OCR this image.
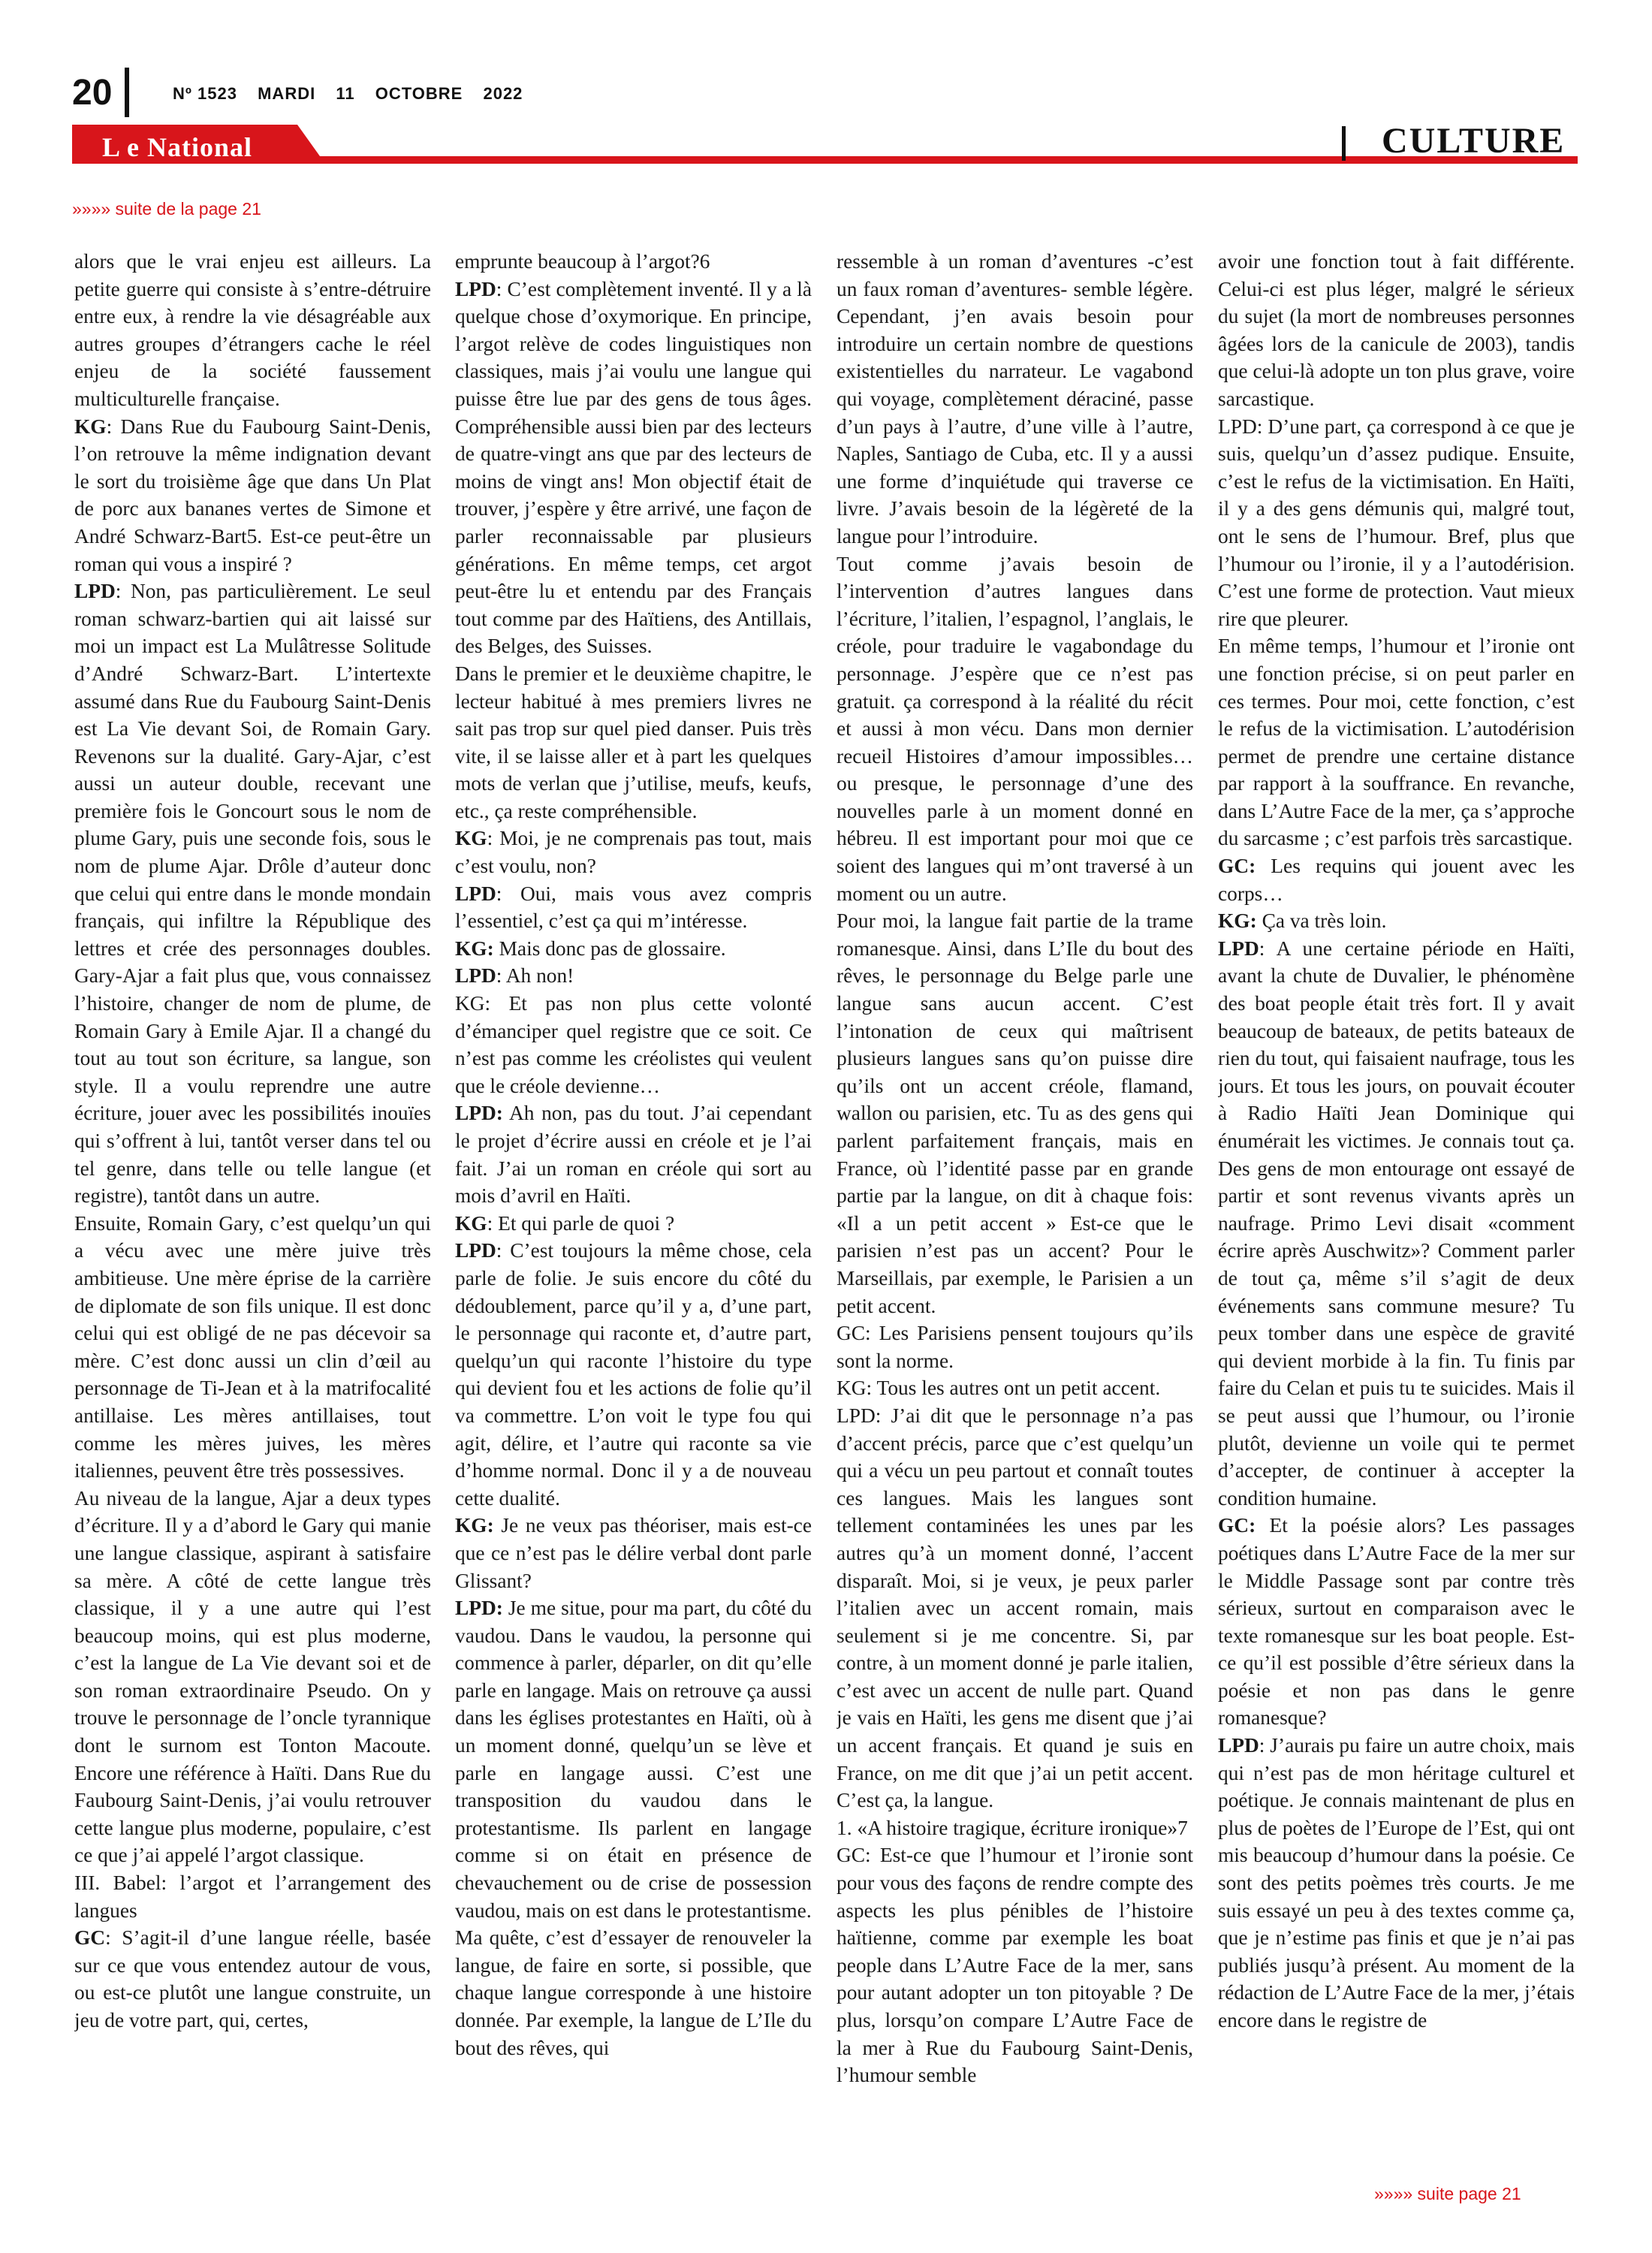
20	Nº 1523 MARDI 11 OCTOBRE 2022
L e National	CULTURE
»»»» suite de la page 21

alors que le vrai enjeu est ailleurs. La petite guerre qui consiste à s’entre-détruire entre eux, à rendre la vie désagréable aux autres groupes d’étrangers cache le réel enjeu de la société faussement multiculturelle française.

KG: Dans Rue du Faubourg Saint-Denis, l’on retrouve la même indignation devant le sort du troisième âge que dans Un Plat de porc aux bananes vertes de Simone et André Schwarz-Bart5. Est-ce peut-être un roman qui vous a inspiré ?

LPD: Non, pas particulièrement. Le seul roman schwarz-bartien qui ait laissé sur moi un impact est La Mulâtresse Solitude d’André Schwarz-Bart. L’intertexte assumé dans Rue du Faubourg Saint-Denis est La Vie devant Soi, de Romain Gary. Revenons sur la dualité. Gary-Ajar, c’est aussi un auteur double, recevant une première fois le Goncourt sous le nom de plume Gary, puis une seconde fois, sous le nom de plume Ajar. Drôle d’auteur donc que celui qui entre dans le monde mondain français, qui infiltre la République des lettres et crée des personnages doubles. Gary-Ajar a fait plus que, vous connaissez l’histoire, changer de nom de plume, de Romain Gary à Emile Ajar. Il a changé du tout au tout son écriture, sa langue, son style. Il a voulu reprendre une autre écriture, jouer avec les possibilités inouïes qui s’offrent à lui, tantôt verser dans tel ou tel genre, dans telle ou telle langue (et registre), tantôt dans un autre.

Ensuite, Romain Gary, c’est quelqu’un qui a vécu avec une mère juive très ambitieuse. Une mère éprise de la carrière de diplomate de son fils unique. Il est donc celui qui est obligé de ne pas décevoir sa mère. C’est donc aussi un clin d’œil au personnage de Ti-Jean et à la matrifocalité antillaise. Les mères antillaises, tout comme les mères juives, les mères italiennes, peuvent être très possessives.

Au niveau de la langue, Ajar a deux types d’écriture. Il y a d’abord le Gary qui manie une langue classique, aspirant à satisfaire sa mère. A côté de cette langue très classique, il y a une autre qui l’est beaucoup moins, qui est plus moderne, c’est la langue de La Vie devant soi et de son roman extraordinaire Pseudo. On y trouve le personnage de l’oncle tyrannique dont le surnom est Tonton Macoute. Encore une référence à Haïti. Dans Rue du Faubourg Saint-Denis, j’ai voulu retrouver cette langue plus moderne, populaire, c’est ce que j’ai appelé l’argot classique.

III. Babel: l’argot et l’arrangement des langues

GC: S’agit-il d’une langue réelle, basée sur ce que vous entendez autour de vous, ou est-ce plutôt une langue construite, un jeu de votre part, qui, certes,

emprunte beaucoup à l’argot?6

LPD: C’est complètement inventé. Il y a là quelque chose d’oxymorique. En principe, l’argot relève de codes linguistiques non classiques, mais j’ai voulu une langue qui puisse être lue par des gens de tous âges. Compréhensible aussi bien par des lecteurs de quatre-vingt ans que par des lecteurs de moins de vingt ans! Mon objectif était de trouver, j’espère y être arrivé, une façon de parler reconnaissable par plusieurs générations. En même temps, cet argot peut-être lu et entendu par des Français tout comme par des Haïtiens, des Antillais, des Belges, des Suisses.

Dans le premier et le deuxième chapitre, le lecteur habitué à mes premiers livres ne sait pas trop sur quel pied danser. Puis très vite, il se laisse aller et à part les quelques mots de verlan que j’utilise, meufs, keufs, etc., ça reste compréhensible.

KG: Moi, je ne comprenais pas tout, mais c’est voulu, non?

LPD: Oui, mais vous avez compris l’essentiel, c’est ça qui m’intéresse.

KG: Mais donc pas de glossaire.

LPD: Ah non!

KG: Et pas non plus cette volonté d’émanciper quel registre que ce soit. Ce n’est pas comme les créolistes qui veulent que le créole devienne…

LPD: Ah non, pas du tout. J’ai cependant le projet d’écrire aussi en créole et je l’ai fait. J’ai un roman en créole qui sort au mois d’avril en Haïti.

KG: Et qui parle de quoi ?

LPD: C’est toujours la même chose, cela parle de folie. Je suis encore du côté du dédoublement, parce qu’il y a, d’une part, le personnage qui raconte et, d’autre part, quelqu’un qui raconte l’histoire du type qui devient fou et les actions de folie qu’il va commettre. L’on voit le type fou qui agit, délire, et l’autre qui raconte sa vie d’homme normal. Donc il y a de nouveau cette dualité.

KG: Je ne veux pas théoriser, mais est-ce que ce n’est pas le délire verbal dont parle Glissant?

LPD: Je me situe, pour ma part, du côté du vaudou. Dans le vaudou, la personne qui commence à parler, déparler, on dit qu’elle parle en langage. Mais on retrouve ça aussi dans les églises protestantes en Haïti, où à un moment donné, quelqu’un se lève et parle en langage aussi. C’est une transposition du vaudou dans le protestantisme. Ils parlent en langage comme si on était en présence de chevauchement ou de crise de possession vaudou, mais on est dans le protestantisme.

Ma quête, c’est d’essayer de renouveler la langue, de faire en sorte, si possible, que chaque langue corresponde à une histoire donnée. Par exemple, la langue de L’Ile du bout des rêves, qui

ressemble à un roman d’aventures -c’est un faux roman d’aventures- semble légère. Cependant, j’en avais besoin pour introduire un certain nombre de questions existentielles du narrateur. Le vagabond qui voyage, complètement déraciné, passe d’un pays à l’autre, d’une ville à l’autre, Naples, Santiago de Cuba, etc. Il y a aussi une forme d’inquiétude qui traverse ce livre. J’avais besoin de la légèreté de la langue pour l’introduire.

Tout comme j’avais besoin de l’intervention d’autres langues dans l’écriture, l’italien, l’espagnol, l’anglais, le créole, pour traduire le vagabondage du personnage. J’espère que ce n’est pas gratuit. ça correspond à la réalité du récit et aussi à mon vécu. Dans mon dernier recueil Histoires d’amour impossibles… ou presque, le personnage d’une des nouvelles parle à un moment donné en hébreu. Il est important pour moi que ce soient des langues qui m’ont traversé à un moment ou un autre.

Pour moi, la langue fait partie de la trame romanesque. Ainsi, dans L’Ile du bout des rêves, le personnage du Belge parle une langue sans aucun accent. C’est l’intonation de ceux qui maîtrisent plusieurs langues sans qu’on puisse dire qu’ils ont un accent créole, flamand, wallon ou parisien, etc. Tu as des gens qui parlent parfaitement français, mais en France, où l’identité passe par en grande partie par la langue, on dit à chaque fois: «Il a un petit accent » Est-ce que le parisien n’est pas un accent? Pour le Marseillais, par exemple, le Parisien a un petit accent.

GC: Les Parisiens pensent toujours qu’ils sont la norme.

KG: Tous les autres ont un petit accent.

LPD: J’ai dit que le personnage n’a pas d’accent précis, parce que c’est quelqu’un qui a vécu un peu partout et connaît toutes ces langues. Mais les langues sont tellement contaminées les unes par les autres qu’à un moment donné, l’accent disparaît. Moi, si je veux, je peux parler l’italien avec un accent romain, mais seulement si je me concentre. Si, par contre, à un moment donné je parle italien, c’est avec un accent de nulle part. Quand je vais en Haïti, les gens me disent que j’ai un accent français. Et quand je suis en France, on me dit que j’ai un petit accent. C’est ça, la langue.

1. «A histoire tragique, écriture ironique»7

GC: Est-ce que l’humour et l’ironie sont pour vous des façons de rendre compte des aspects les plus pénibles de l’histoire haïtienne, comme par exemple les boat people dans L’Autre Face de la mer, sans pour autant adopter un ton pitoyable ? De plus, lorsqu’on compare L’Autre Face de la mer à Rue du Faubourg Saint-Denis, l’humour semble

avoir une fonction tout à fait différente. Celui-ci est plus léger, malgré le sérieux du sujet (la mort de nombreuses personnes âgées lors de la canicule de 2003), tandis que celui-là adopte un ton plus grave, voire sarcastique.

LPD: D’une part, ça correspond à ce que je suis, quelqu’un d’assez pudique. Ensuite, c’est le refus de la victimisation. En Haïti, il y a des gens démunis qui, malgré tout, ont le sens de l’humour. Bref, plus que l’humour ou l’ironie, il y a l’autodérision. C’est une forme de protection. Vaut mieux rire que pleurer.

En même temps, l’humour et l’ironie ont une fonction précise, si on peut parler en ces termes. Pour moi, cette fonction, c’est le refus de la victimisation. L’autodérision permet de prendre une certaine distance par rapport à la souffrance. En revanche, dans L’Autre Face de la mer, ça s’approche du sarcasme ; c’est parfois très sarcastique.

GC: Les requins qui jouent avec les corps…

KG: Ça va très loin.

LPD: A une certaine période en Haïti, avant la chute de Duvalier, le phénomène des boat people était très fort. Il y avait beaucoup de bateaux, de petits bateaux de rien du tout, qui faisaient naufrage, tous les jours. Et tous les jours, on pouvait écouter à Radio Haïti Jean Dominique qui énumérait les victimes. Je connais tout ça. Des gens de mon entourage ont essayé de partir et sont revenus vivants après un naufrage. Primo Levi disait «comment écrire après Auschwitz»? Comment parler de tout ça, même s’il s’agit de deux événements sans commune mesure? Tu peux tomber dans une espèce de gravité qui devient morbide à la fin. Tu finis par faire du Celan et puis tu te suicides. Mais il se peut aussi que l’humour, ou l’ironie plutôt, devienne un voile qui te permet d’accepter, de continuer à accepter la condition humaine.

GC: Et la poésie alors? Les passages poétiques dans L’Autre Face de la mer sur le Middle Passage sont par contre très sérieux, surtout en comparaison avec le texte romanesque sur les boat people. Est-ce qu’il est possible d’être sérieux dans la poésie et non pas dans le genre romanesque?

LPD: J’aurais pu faire un autre choix, mais qui n’est pas de mon héritage culturel et poétique. Je connais maintenant de plus en plus de poètes de l’Europe de l’Est, qui ont mis beaucoup d’humour dans la poésie. Ce sont des petits poèmes très courts. Je me suis essayé un peu à des textes comme ça, que je n’estime pas finis et que je n’ai pas publiés jusqu’à présent. Au moment de la rédaction de L’Autre Face de la mer, j’étais encore dans le registre de

»»»» suite page 21
